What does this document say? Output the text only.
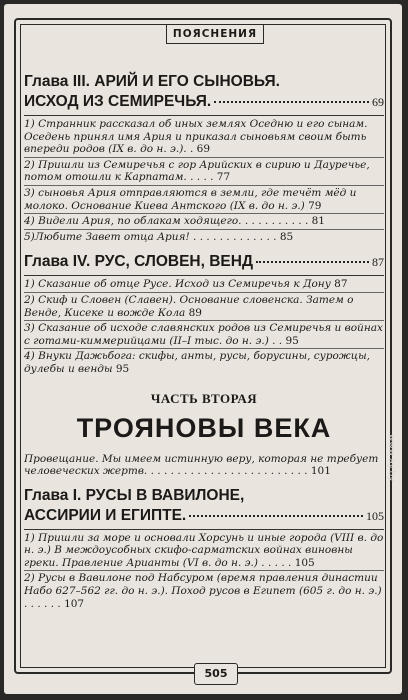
ПОЯСНЕНИЯ
505
Глава III. АРИЙ И ЕГО СЫНОВЬЯ.
ИСХОД ИЗ СЕМИРЕЧЬЯ.	69
1) Странник рассказал об иных землях Оседню и его сынам. Оседень принял имя Ария и приказал сыновьям своим быть впереди родов (IX в. до н. э.). . 69
2) Пришли из Семиречья с гор Арийских в сирию и Дауречье, потом отошли к Карпатам. . . . . 77
3) сыновья Ария отправляются в земли, где течёт мёд и молоко. Основание Киева Антского (IX в. до н. э.) 79
4) Видели Ария, по облакам ходящего. . . . . . . . . . . 81
5)Любите Завет отца Ария! . . . . . . . . . . . . . 85
Глава IV. РУС, СЛОВЕН, ВЕНД	87
1) Сказание об отце Русе. Исход из Семиречья к Дону 87
2) Скиф и Словен (Славен). Основание словенска. Затем о Венде, Кисеке и вожде Кола 89
3) Сказание об исходе славянских родов из Семиречья и войнах с готами-киммерийцами (II–I тыс. до н. э.) . . 95
4) Внуки Дажьбога: скифы, анты, русы, борусины, сурожцы, дулебы и венды 95
ЧАСТЬ ВТОРАЯ
ТРОЯНОВЫ ВЕКА
Провещание. Мы имеем истинную веру, которая не требует человеческих жертв. . . . . . . . . . . . . . . . . . . . . . . . . 101
Глава I. РУСЫ В ВАВИЛОНЕ,
АССИРИИ И ЕГИПТЕ.	105
1) Пришли за море и основали Хорсунь и иные города (VIII в. до н. э.) В междоусобных скифо-сарматских войнах виновны греки. Правление Арианты (VI в. до н. э.) . . . . . 105
2) Русы в Вавилоне под Набсуром (время правления династии Набо 627–562 гг. до н. э.). Поход русов в Египет (605 г. до н. э.) . . . . . . 107
www.ay.by
